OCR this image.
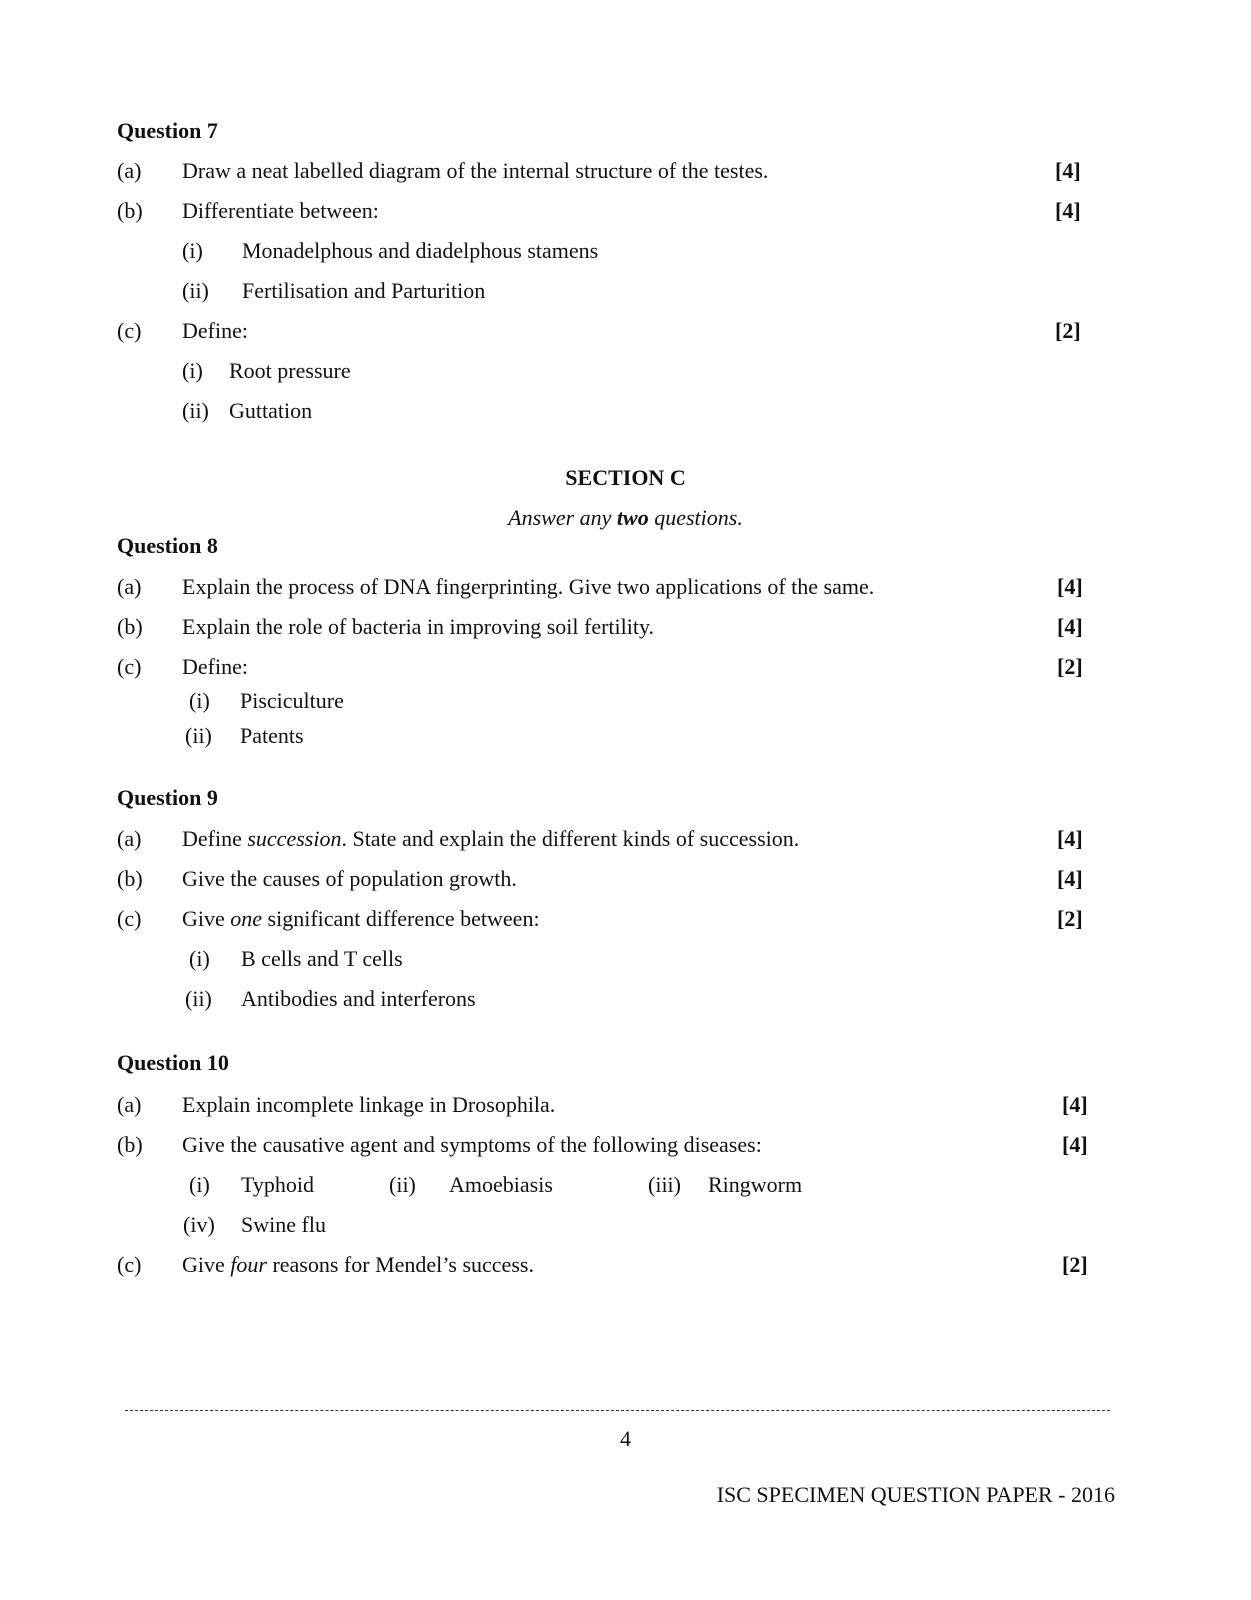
Question 7
(a) Draw a neat labelled diagram of the internal structure of the testes.	[4]
(b) Differentiate between:	[4]
(i) Monadelphous and diadelphous stamens
(ii) Fertilisation and Parturition
(c) Define:	[2]
(i) Root pressure
(ii) Guttation
SECTION C
Answer any two questions.
Question 8
(a) Explain the process of DNA fingerprinting. Give two applications of the same.	[4]
(b) Explain the role of bacteria in improving soil fertility.	[4]
(c) Define:	[2]
(i) Pisciculture
(ii) Patents
Question 9
(a) Define succession. State and explain the different kinds of succession.	[4]
(b) Give the causes of population growth.	[4]
(c) Give one significant difference between:	[2]
(i) B cells and T cells
(ii) Antibodies and interferons
Question 10
(a) Explain incomplete linkage in Drosophila.	[4]
(b) Give the causative agent and symptoms of the following diseases:	[4]
(i) Typhoid	(ii) Amoebiasis	(iii) Ringworm
(iv) Swine flu
(c) Give four reasons for Mendel’s success.	[2]
4
ISC SPECIMEN QUESTION PAPER - 2016
